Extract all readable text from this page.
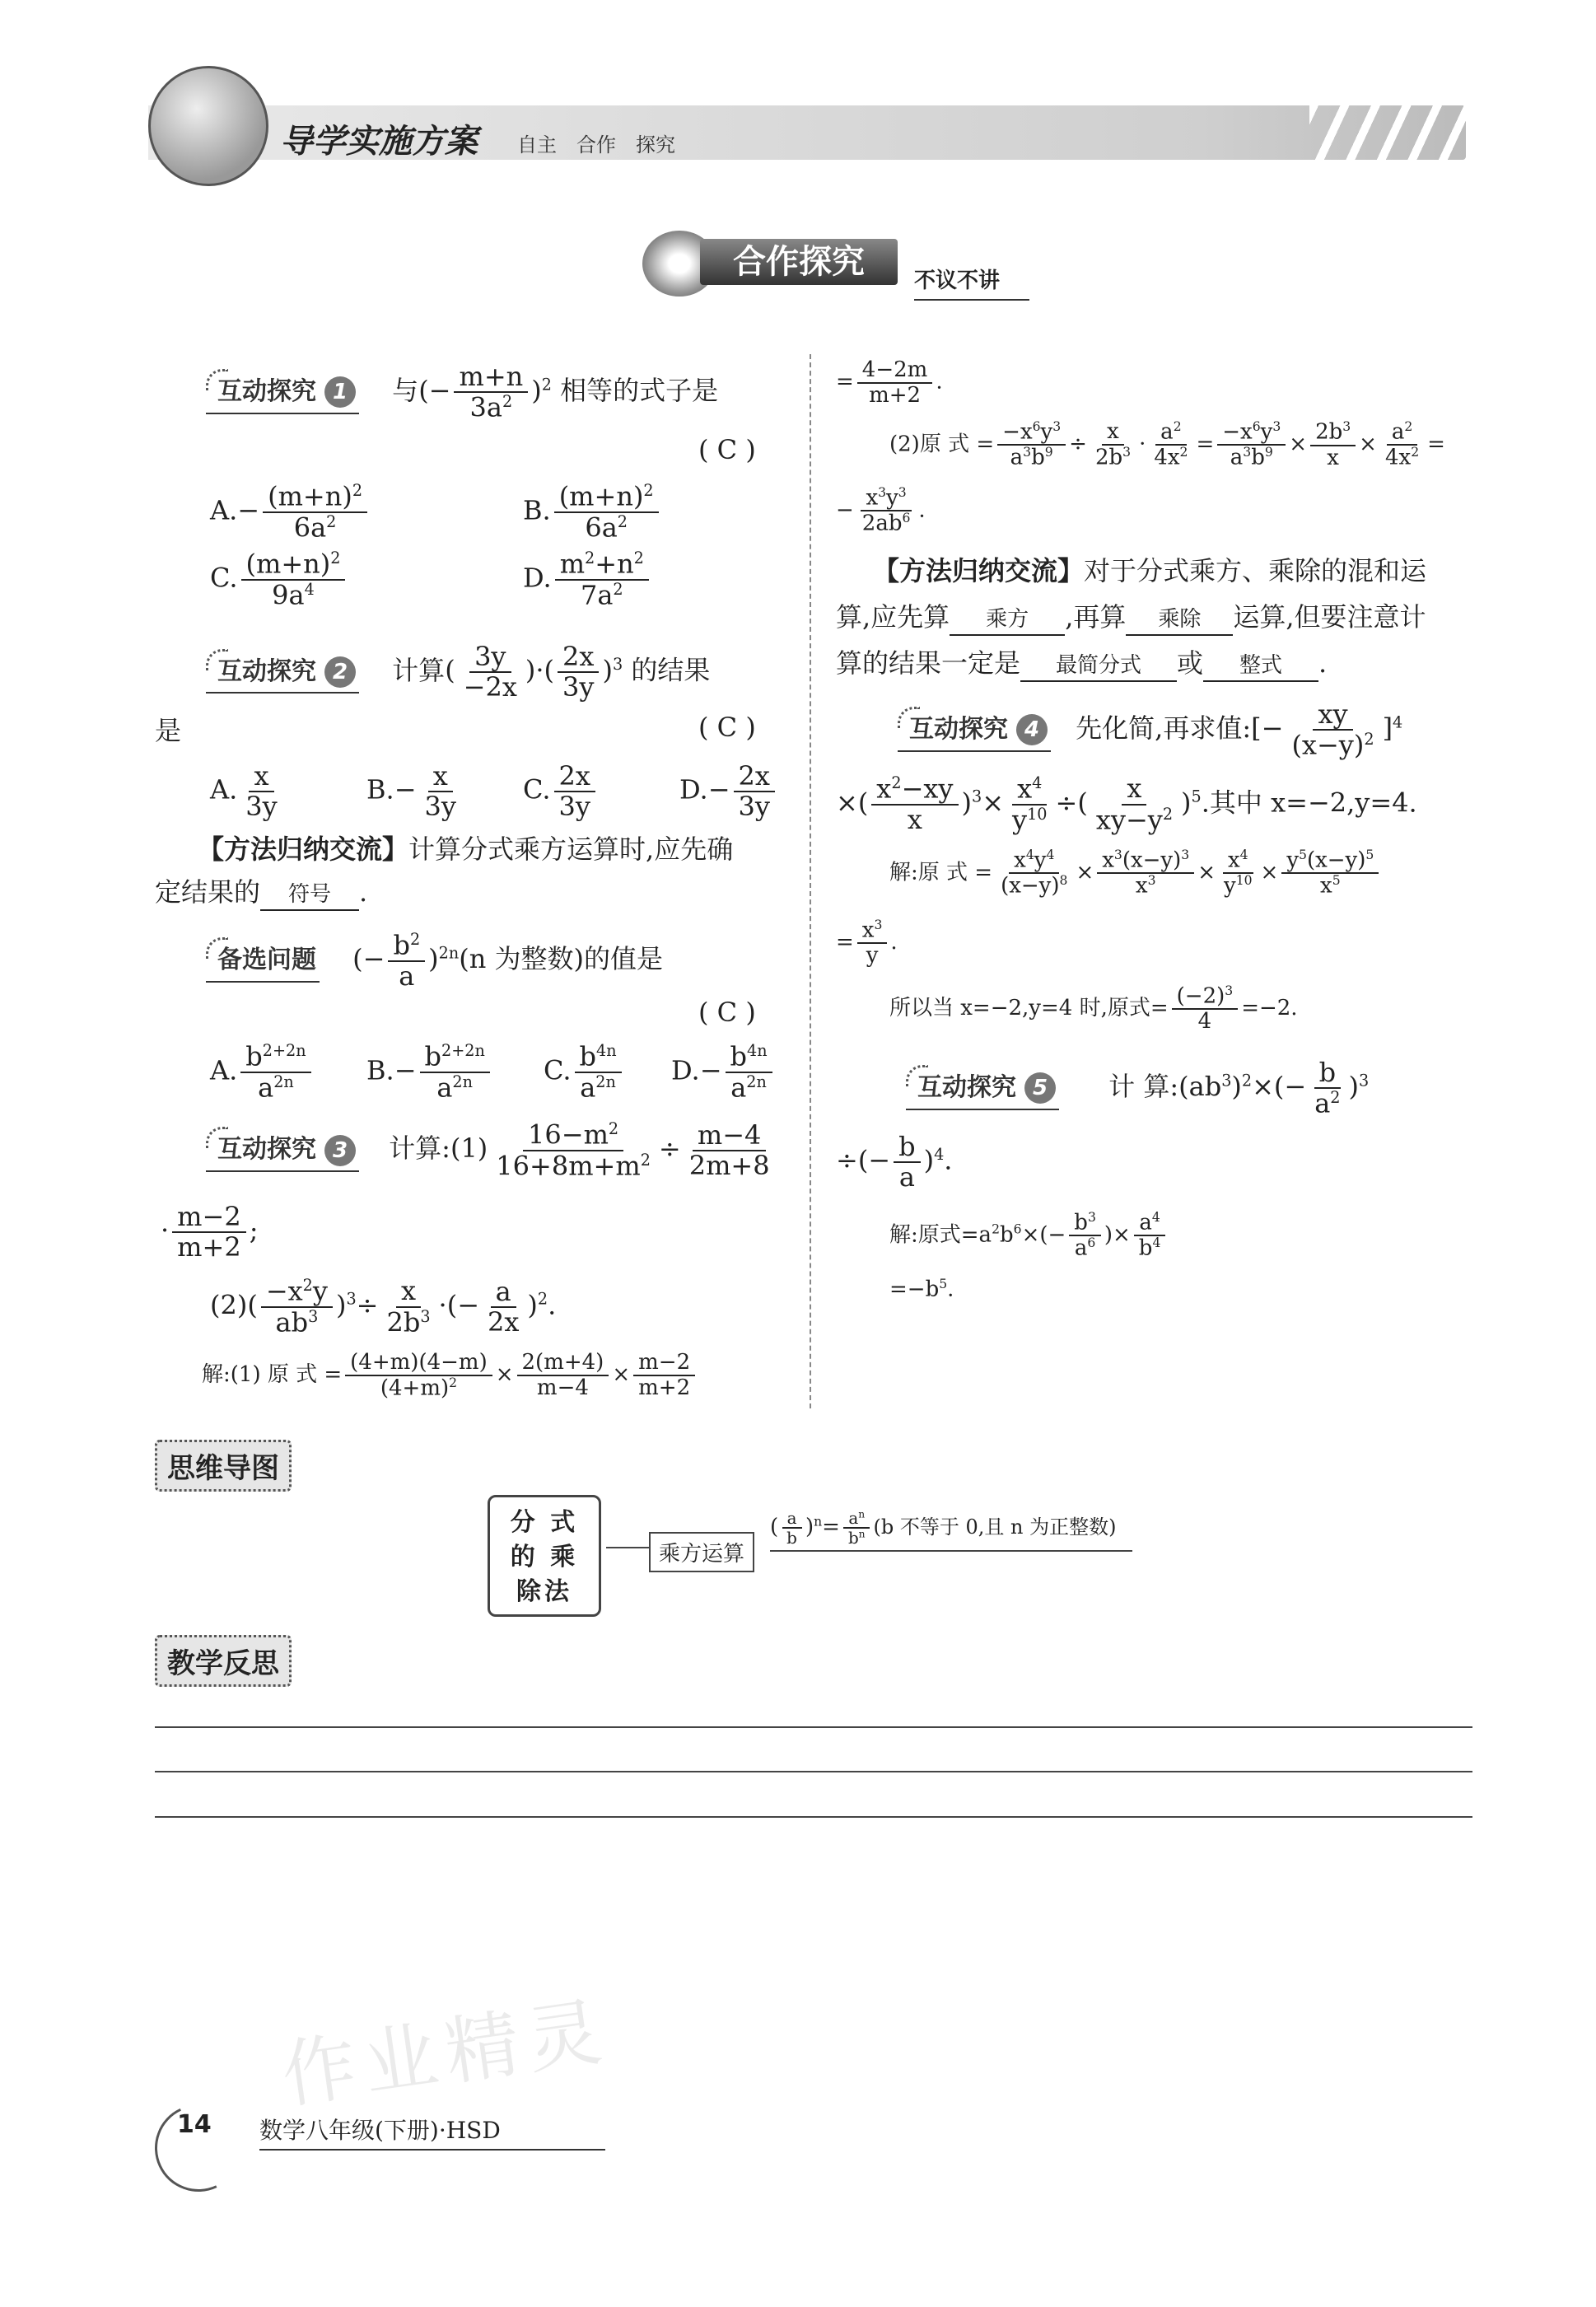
导学实施方案 自主　合作　探究
合作探究	不议不讲
互动探究 1	与(− $\frac{m+n}{3a^2} )^2$ 相等的式子是
( C )
$A.- \frac{(m+n)^2}{6a^2}$	B. $\frac{(m+n)^2}{6a^2}$
C. $\frac{(m+n)^2}{9a^4}$	D. $\frac{m^2+n^2}{7a^2}$
互动探究 2	计算( $\frac{3y}{-2x}$ )·( $\frac{2x}{3y} )^3$ 的结果
是	( C )
A. $\frac{x}{3y}$	$B.- \frac{x}{3y} C$. $\frac{2x}{3y}$	$D.- \frac{2x}{3y}$
【方法归纳交流】计算分式乘方运算时,应先确
定结果的 符号 .
备选问题 (− $\frac{b^2}{a} )^{2n}(n$ 为整数)的值是
( C )
A. $\frac{b^{2+2n}}{a^{2n}} B.- \frac{b^{2+2n}}{a^{2n}} C$. $\frac{b^{4n}}{a^{2n}} D.- \frac{b^{4n}}{a^{2n}}$
互动探究 3	计算:(1) $\frac{16-m^2}{16+8m+m^2} \div \frac{m-4}{2m+8}$
· $\frac{m-2}{m+2}$ ;
$(2)( \frac{-x^2y}{ab^3} )^3\div \frac{x}{2b^3}$ ·(− $\frac{a}{2x} )^2$.
解:(1) 原 式 = $\frac{(4+m)(4-m)}{(4+m)^2} \times \frac{2(m+4)}{m-4} \times \frac{m-2}{m+2}$
= $\frac{4-2m}{m+2}$ .
(2)原 式 = $\frac{-x^6y^3}{a^3b^9} \div \frac{x}{2b^3} \cdot \frac{a^2}{4x^2} = \frac{-x^6y^3}{a^3b^9} \times \frac{2b^3}{x} \times \frac{a^2}{4x^2}$ =
− $\frac{x^3y^3}{2ab^6}$ .
【方法归纳交流】对于分式乘方、乘除的混和运
算,应先算 乘方 ,再算 乘除 运算,但要注意计
算的结果一定是 最简分式 或 整式 .
互动探究 4	先化简,再求值:[− $\frac{xy}{(x-y)^2} ]^4$
×( $\frac{x^2-xy}{x} )^3\times \frac{x^4}{y^{10}}$ ÷( $\frac{x}{xy-y^2} )^5$.其中 x=−2,y=4.
解:原 式 = $\frac{x^4y^4}{(x-y)^8} \times \frac{x^3(x-y)^3}{x^3} \times \frac{x^4}{y^{10}} \times \frac{y^5(x-y)^5}{x^5}$
= $\frac{x^3}{y}$ .
所以当 x=−2,y=4 时,原式= $\frac{(-2)^3}{4} =-2$.
互动探究 5	计 算$:(ab^3)^2\times(- \frac{b}{a^2} )^3$
÷(− $\frac{b}{a} )^4$.
解:原式$=a^2b^6\times(- \frac{b^3}{a^6}$ )× $\frac{a^4}{b^4}$
$=-b^5$.
思维导图
分 式 的 乘除法
乘方运算
( $\frac{a}{b} )^n= \frac{a^n}{b^n} (b$ 不等于 0,且 n 为正整数)
教学反思
作业精灵
14 数学八年级(下册)·HSD
